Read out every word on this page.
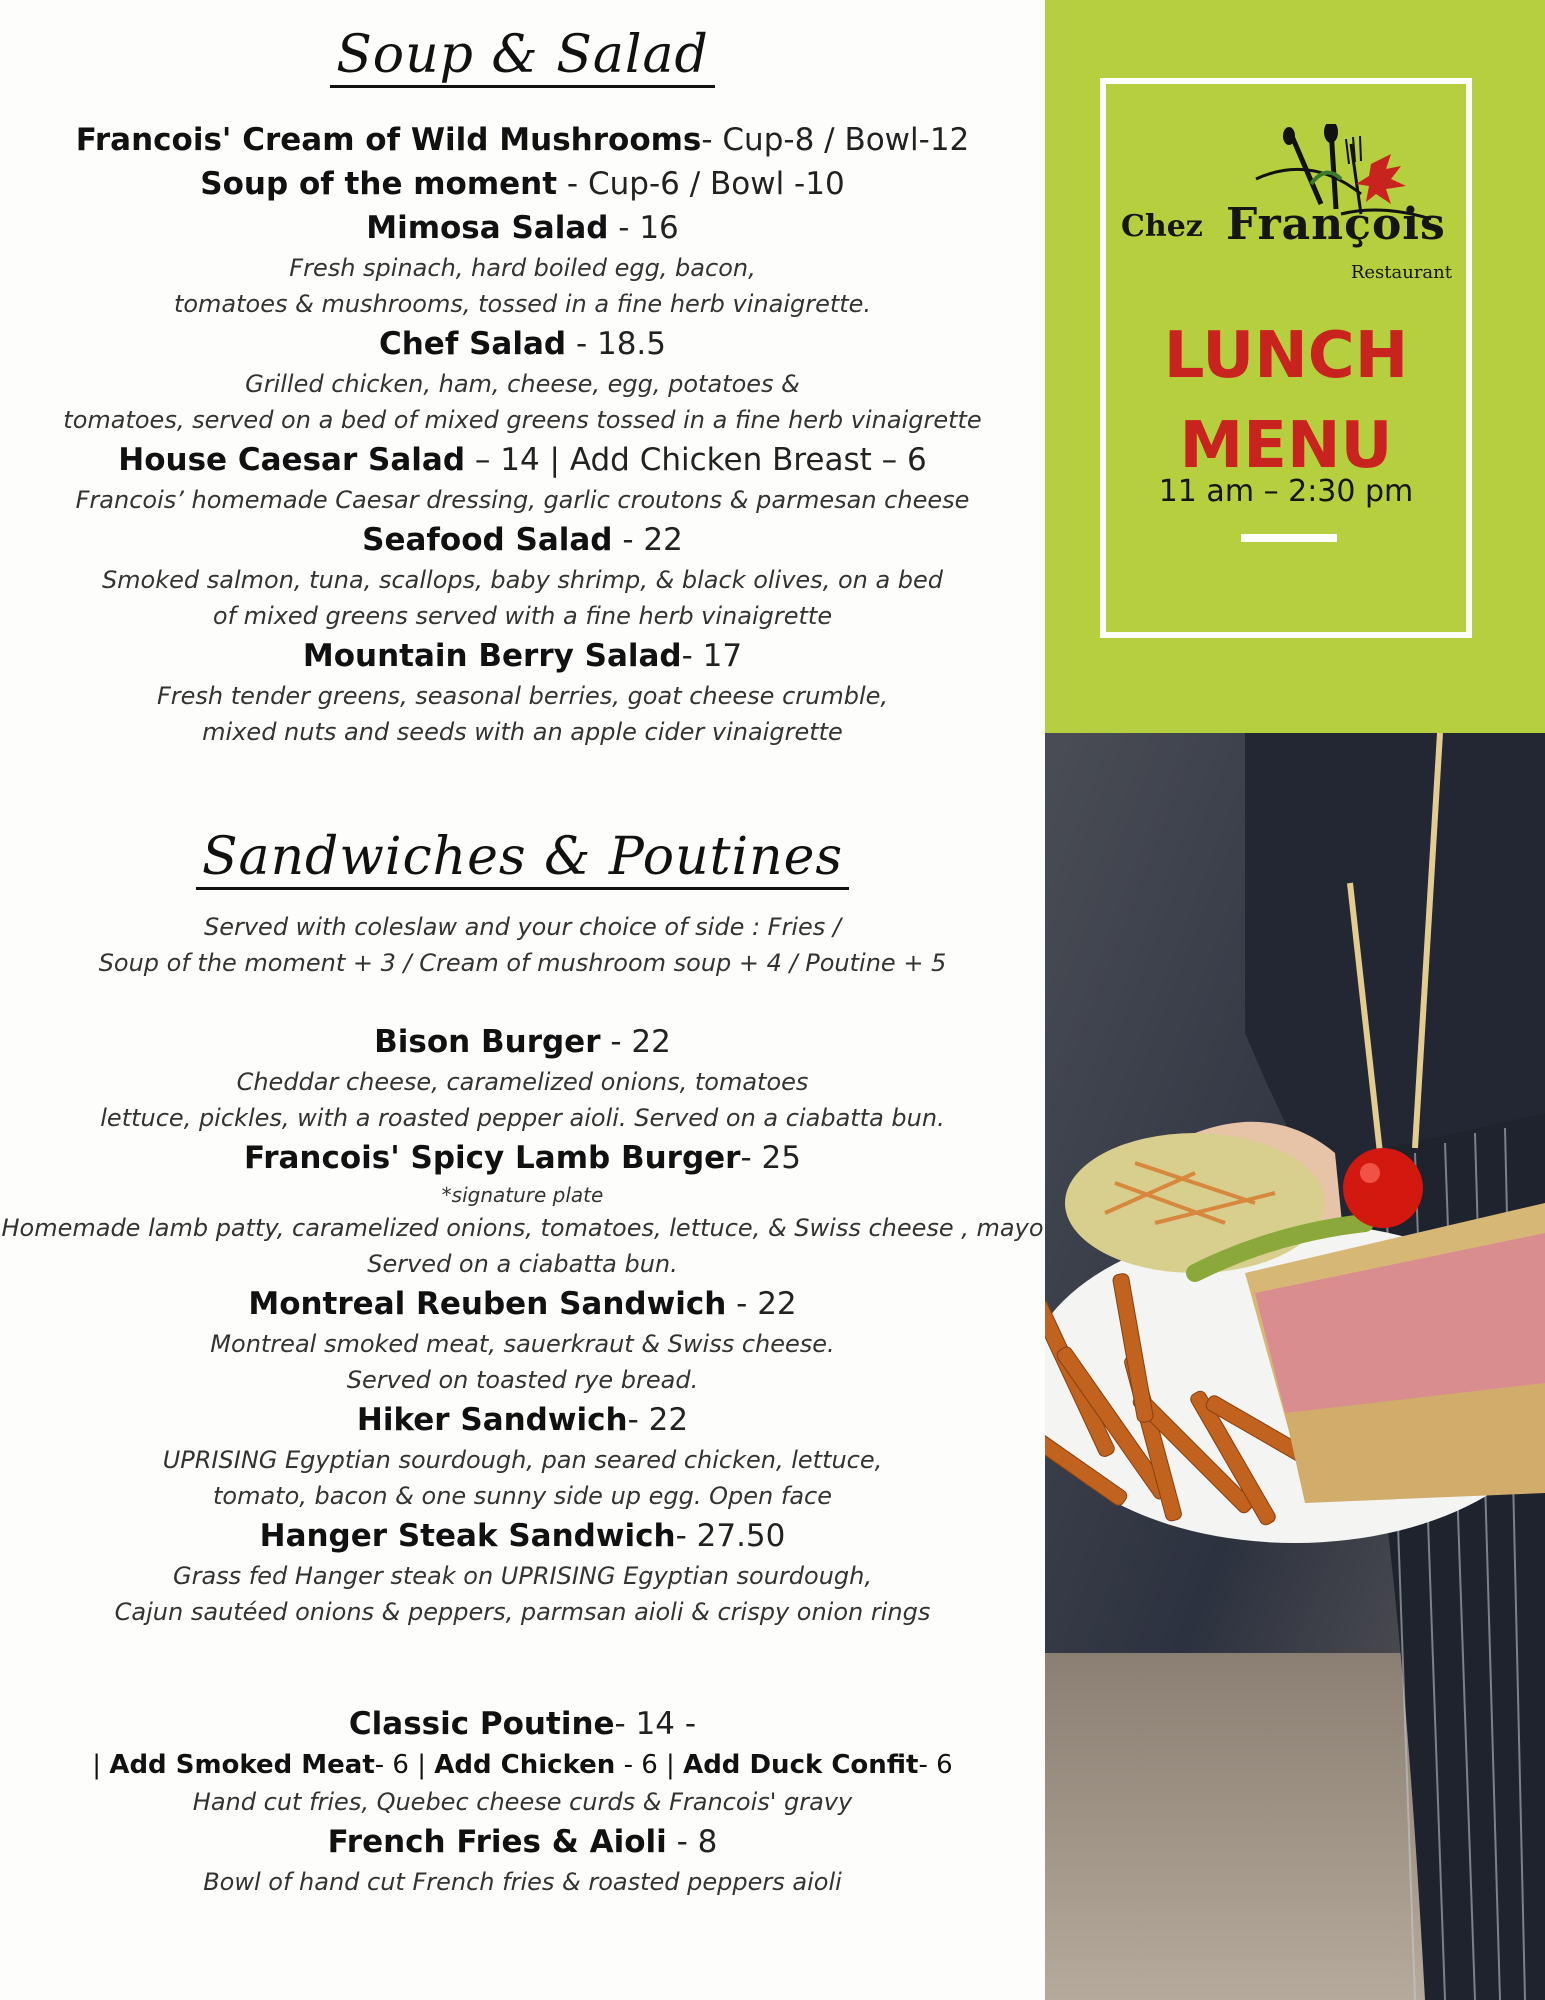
Soup & Salad
Francois' Cream of Wild Mushrooms- Cup-8 / Bowl-12
Soup of the moment - Cup-6 / Bowl -10
Mimosa Salad - 16
Fresh spinach, hard boiled egg, bacon,
tomatoes & mushrooms, tossed in a fine herb vinaigrette.
Chef Salad - 18.5
Grilled chicken, ham, cheese, egg, potatoes &
tomatoes, served on a bed of mixed greens tossed in a fine herb vinaigrette
House Caesar Salad – 14 | Add Chicken Breast – 6
Francois’ homemade Caesar dressing, garlic croutons & parmesan cheese
Seafood Salad - 22
Smoked salmon, tuna, scallops, baby shrimp, & black olives, on a bed
of mixed greens served with a fine herb vinaigrette
Mountain Berry Salad- 17
Fresh tender greens, seasonal berries, goat cheese crumble,
mixed nuts and seeds with an apple cider vinaigrette
Sandwiches & Poutines
Served with coleslaw and your choice of side : Fries /
Soup of the moment + 3 / Cream of mushroom soup + 4 / Poutine + 5
Bison Burger - 22
Cheddar cheese, caramelized onions, tomatoes
lettuce, pickles, with a roasted pepper aioli. Served on a ciabatta bun.
Francois' Spicy Lamb Burger- 25
*signature plate
Homemade lamb patty, caramelized onions, tomatoes, lettuce, & Swiss cheese , mayo
Served on a ciabatta bun.
Montreal Reuben Sandwich - 22
Montreal smoked meat, sauerkraut & Swiss cheese.
Served on toasted rye bread.
Hiker Sandwich- 22
UPRISING Egyptian sourdough, pan seared chicken, lettuce,
tomato, bacon & one sunny side up egg. Open face
Hanger Steak Sandwich- 27.50
Grass fed Hanger steak on UPRISING Egyptian sourdough,
Cajun sautéed onions & peppers, parmsan aioli & crispy onion rings
Classic Poutine- 14 -
| Add Smoked Meat- 6 | Add Chicken - 6 | Add Duck Confit- 6
Hand cut fries, Quebec cheese curds & Francois' gravy
French Fries & Aioli - 8
Bowl of hand cut French fries & roasted peppers aioli
Chez François
Restaurant
LUNCH
MENU
11 am – 2:30 pm
